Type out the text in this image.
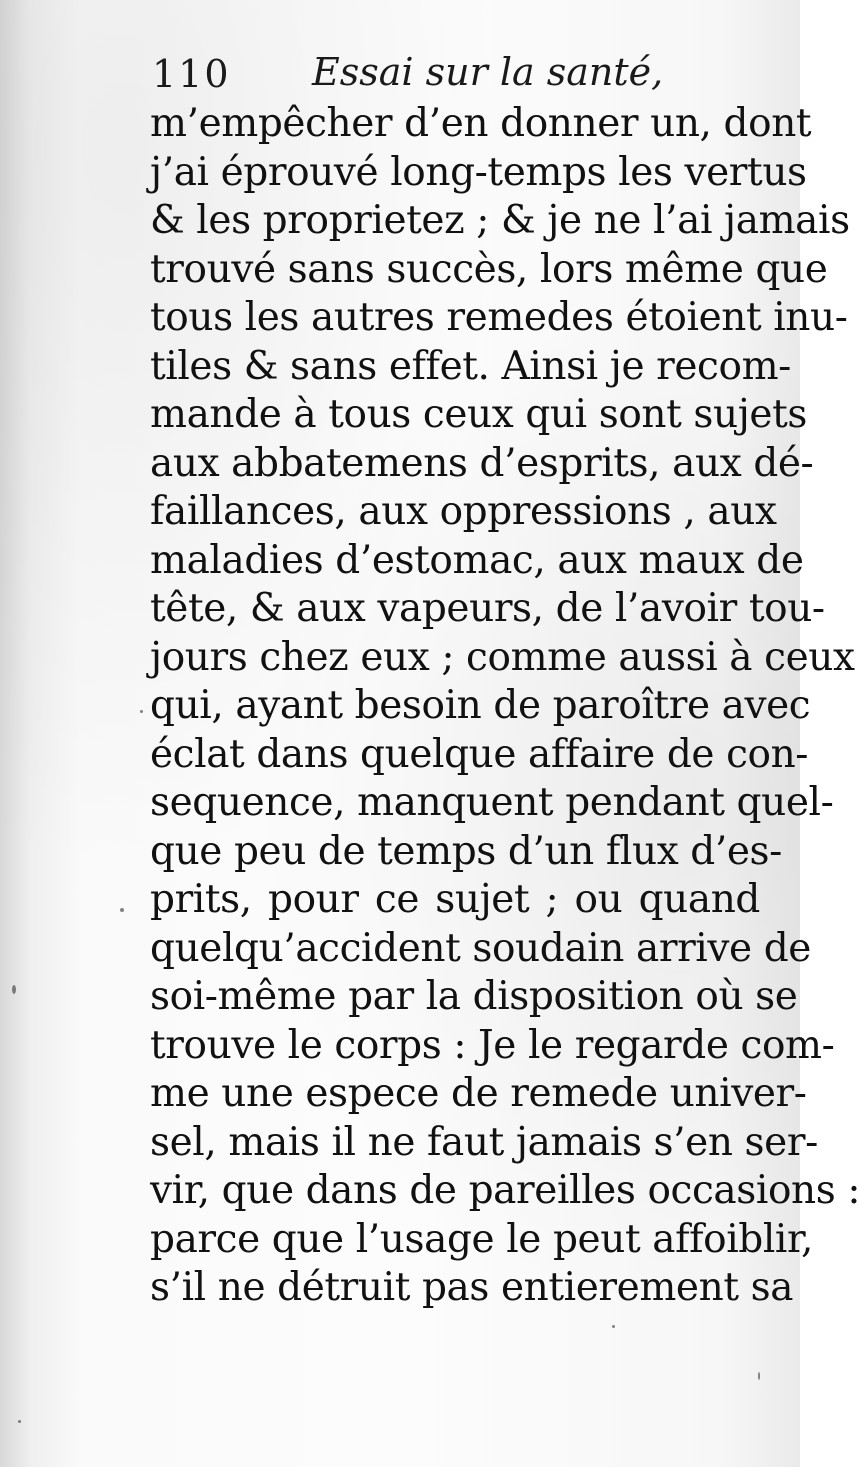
110 Essai sur la santé,
m’empêcher d’en donner un, dont
j’ai éprouvé long-temps les vertus
& les proprietez ; & je ne l’ai jamais
trouvé sans succès, lors même que
tous les autres remedes étoient inu-
tiles & sans effet. Ainsi je recom-
mande à tous ceux qui sont sujets
aux abbatemens d’esprits, aux dé-
faillances, aux oppressions , aux
maladies d’estomac, aux maux de
tête, & aux vapeurs, de l’avoir tou-
jours chez eux ; comme aussi à ceux
qui, ayant besoin de paroître avec
éclat dans quelque affaire de con-
sequence, manquent pendant quel-
que peu de temps d’un flux d’es-
prits, pour ce sujet ; ou quand
quelqu’accident soudain arrive de
soi-même par la disposition où se
trouve le corps : Je le regarde com-
me une espece de remede univer-
sel, mais il ne faut jamais s’en ser-
vir, que dans de pareilles occasions :
parce que l’usage le peut affoiblir,
s’il ne détruit pas entierement sa
